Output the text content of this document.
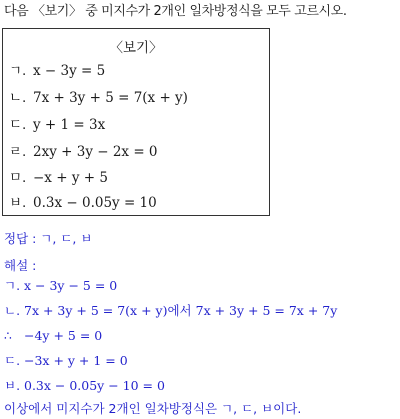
다음 〈보기〉 중 미지수가 2개인 일차방정식을 모두 고르시오.
〈보기〉
ㄱ. x − 3y = 5
ㄴ. 7x + 3y + 5 = 7(x + y)
ㄷ. y + 1 = 3x
ㄹ. 2xy + 3y − 2x = 0
ㅁ. −x + y + 5
ㅂ. 0.3x − 0.05y = 10
정답 : ㄱ, ㄷ, ㅂ
해설 :
ㄱ. x − 3y − 5 = 0
ㄴ. 7x + 3y + 5 = 7(x + y)에서 7x + 3y + 5 = 7x + 7y
∴ −4y + 5 = 0
ㄷ. −3x + y + 1 = 0
ㅂ. 0.3x − 0.05y − 10 = 0
이상에서 미지수가 2개인 일차방정식은 ㄱ, ㄷ, ㅂ이다.
